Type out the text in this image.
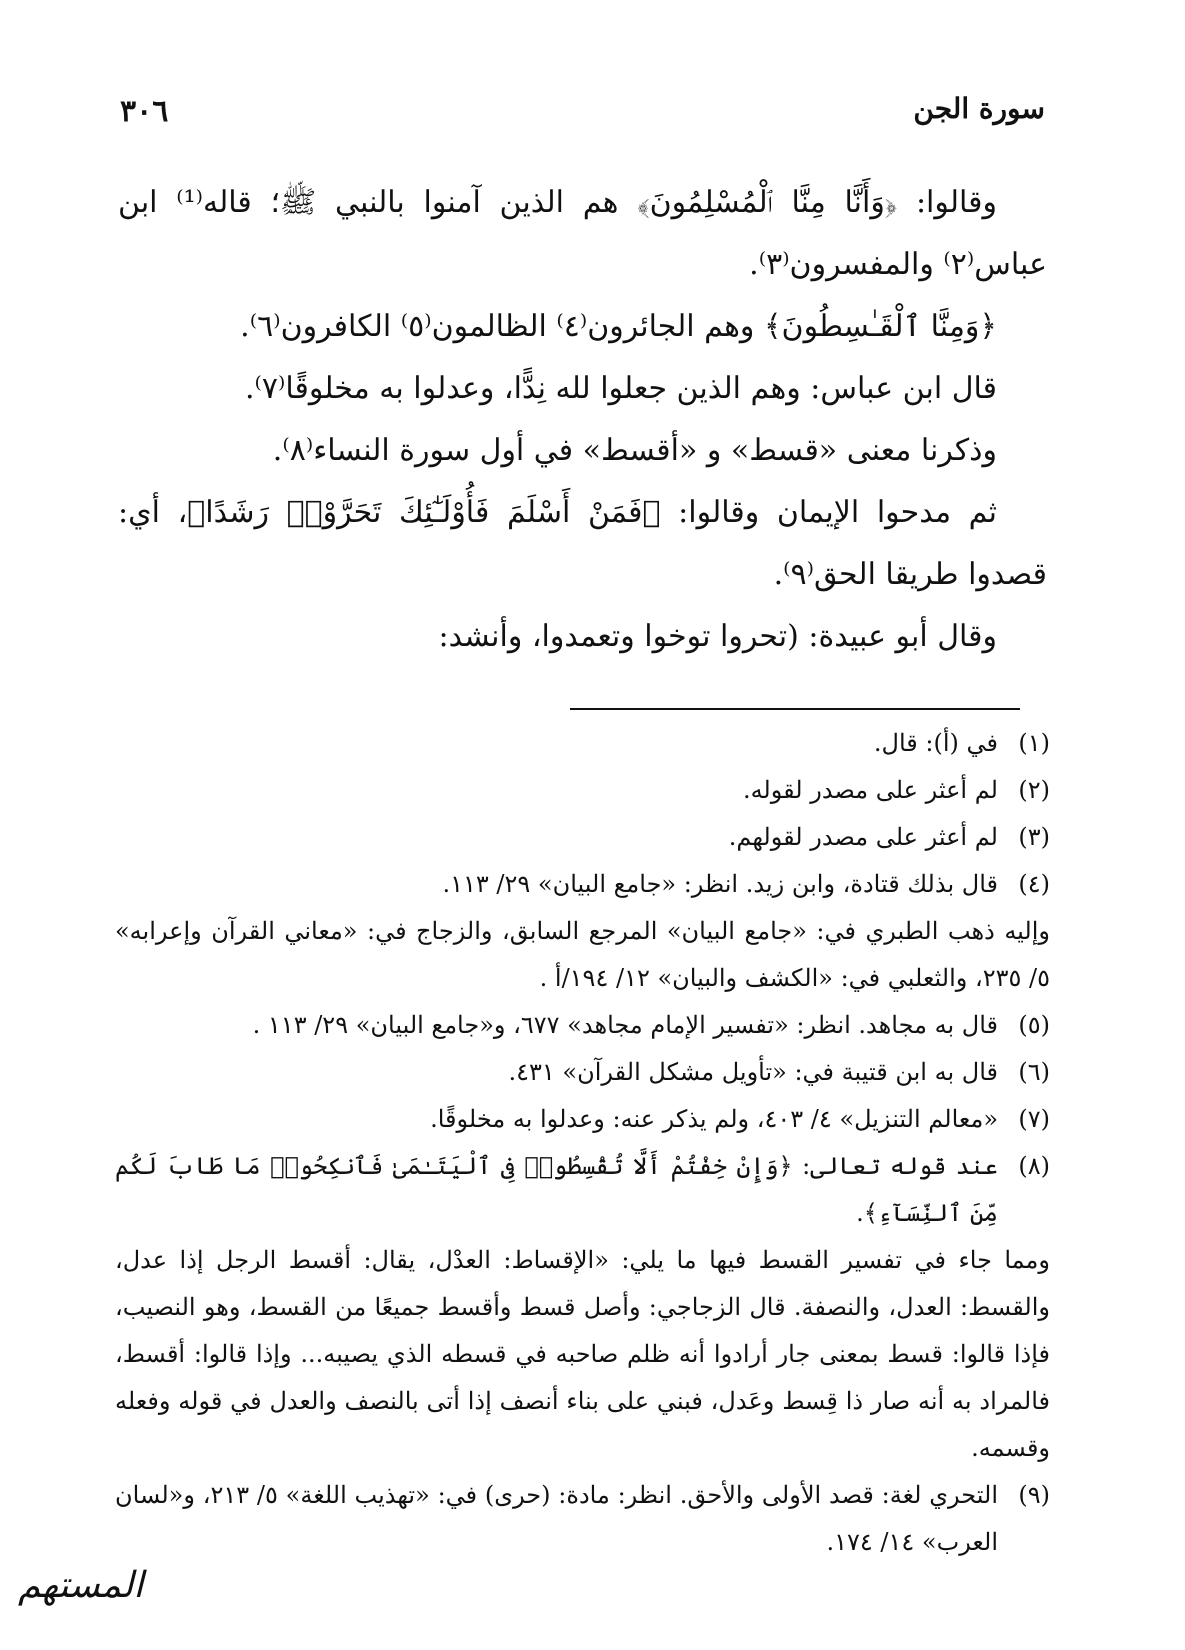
سورة الجن
٣٠٦

وقالوا: ﴿وَأَنَّا مِنَّا ٱلْمُسْلِمُونَ﴾ هم الذين آمنوا بالنبي ﷺ؛ قاله⁽¹⁾ ابن عباس⁽٢⁾ والمفسرون⁽٣⁾.

﴿وَمِنَّا ٱلْقَـٰسِطُونَ﴾ وهم الجائرون⁽٤⁾ الظالمون⁽٥⁾ الكافرون⁽٦⁾.

قال ابن عباس: وهم الذين جعلوا لله نِدًّا، وعدلوا به مخلوقًا⁽٧⁾.

وذكرنا معنى «قسط» و «أقسط» في أول سورة النساء⁽٨⁾.

ثم مدحوا الإيمان وقالوا: ﴿فَمَنْ أَسْلَمَ فَأُوْلَـٰٓئِكَ تَحَرَّوْا۟ رَشَدًا﴾، أي: قصدوا طريقا الحق⁽٩⁾.

وقال أبو عبيدة: (تحروا توخوا وتعمدوا، وأنشد:

(١)
في (أ): قال.
(٢)
لم أعثر على مصدر لقوله.
(٣)
لم أعثر على مصدر لقولهم.
(٤)
قال بذلك قتادة، وابن زيد. انظر: «جامع البيان» ٢٩/ ١١٣.

وإليه ذهب الطبري في: «جامع البيان» المرجع السابق، والزجاج في: «معاني القرآن وإعرابه» ٥/ ٢٣٥، والثعلبي في: «الكشف والبيان» ١٢/ ١٩٤/أ .

(٥)
قال به مجاهد. انظر: «تفسير الإمام مجاهد» ٦٧٧، و«جامع البيان» ٢٩/ ١١٣ .
(٦)
قال به ابن قتيبة في: «تأويل مشكل القرآن» ٤٣١.
(٧)
«معالم التنزيل» ٤/ ٤٠٣، ولم يذكر عنه: وعدلوا به مخلوقًا.
(٨)
عند قوله تعالى: ﴿وَإِنْ خِفْتُمْ أَلَّا تُقْسِطُوا۟ فِى ٱلْيَتَـٰمَىٰ فَٱنكِحُوا۟ مَا طَابَ لَكُم مِّنَ ٱلنِّسَآءِ﴾.

ومما جاء في تفسير القسط فيها ما يلي: «الإقساط: العدْل، يقال: أقسط الرجل إذا عدل، والقسط: العدل، والنصفة. قال الزجاجي: وأصل قسط وأقسط جميعًا من القسط، وهو النصيب، فإذا قالوا: قسط بمعنى جار أرادوا أنه ظلم صاحبه في قسطه الذي يصيبه... وإذا قالوا: أقسط، فالمراد به أنه صار ذا قِسط وعَدل، فبني على بناء أنصف إذا أتى بالنصف والعدل في قوله وفعله وقسمه.

(٩)
التحري لغة: قصد الأولى والأحق. انظر: مادة: (حرى) في: «تهذيب اللغة» ٥/ ٢١٣، و«لسان العرب» ١٤/ ١٧٤.
المستهم
